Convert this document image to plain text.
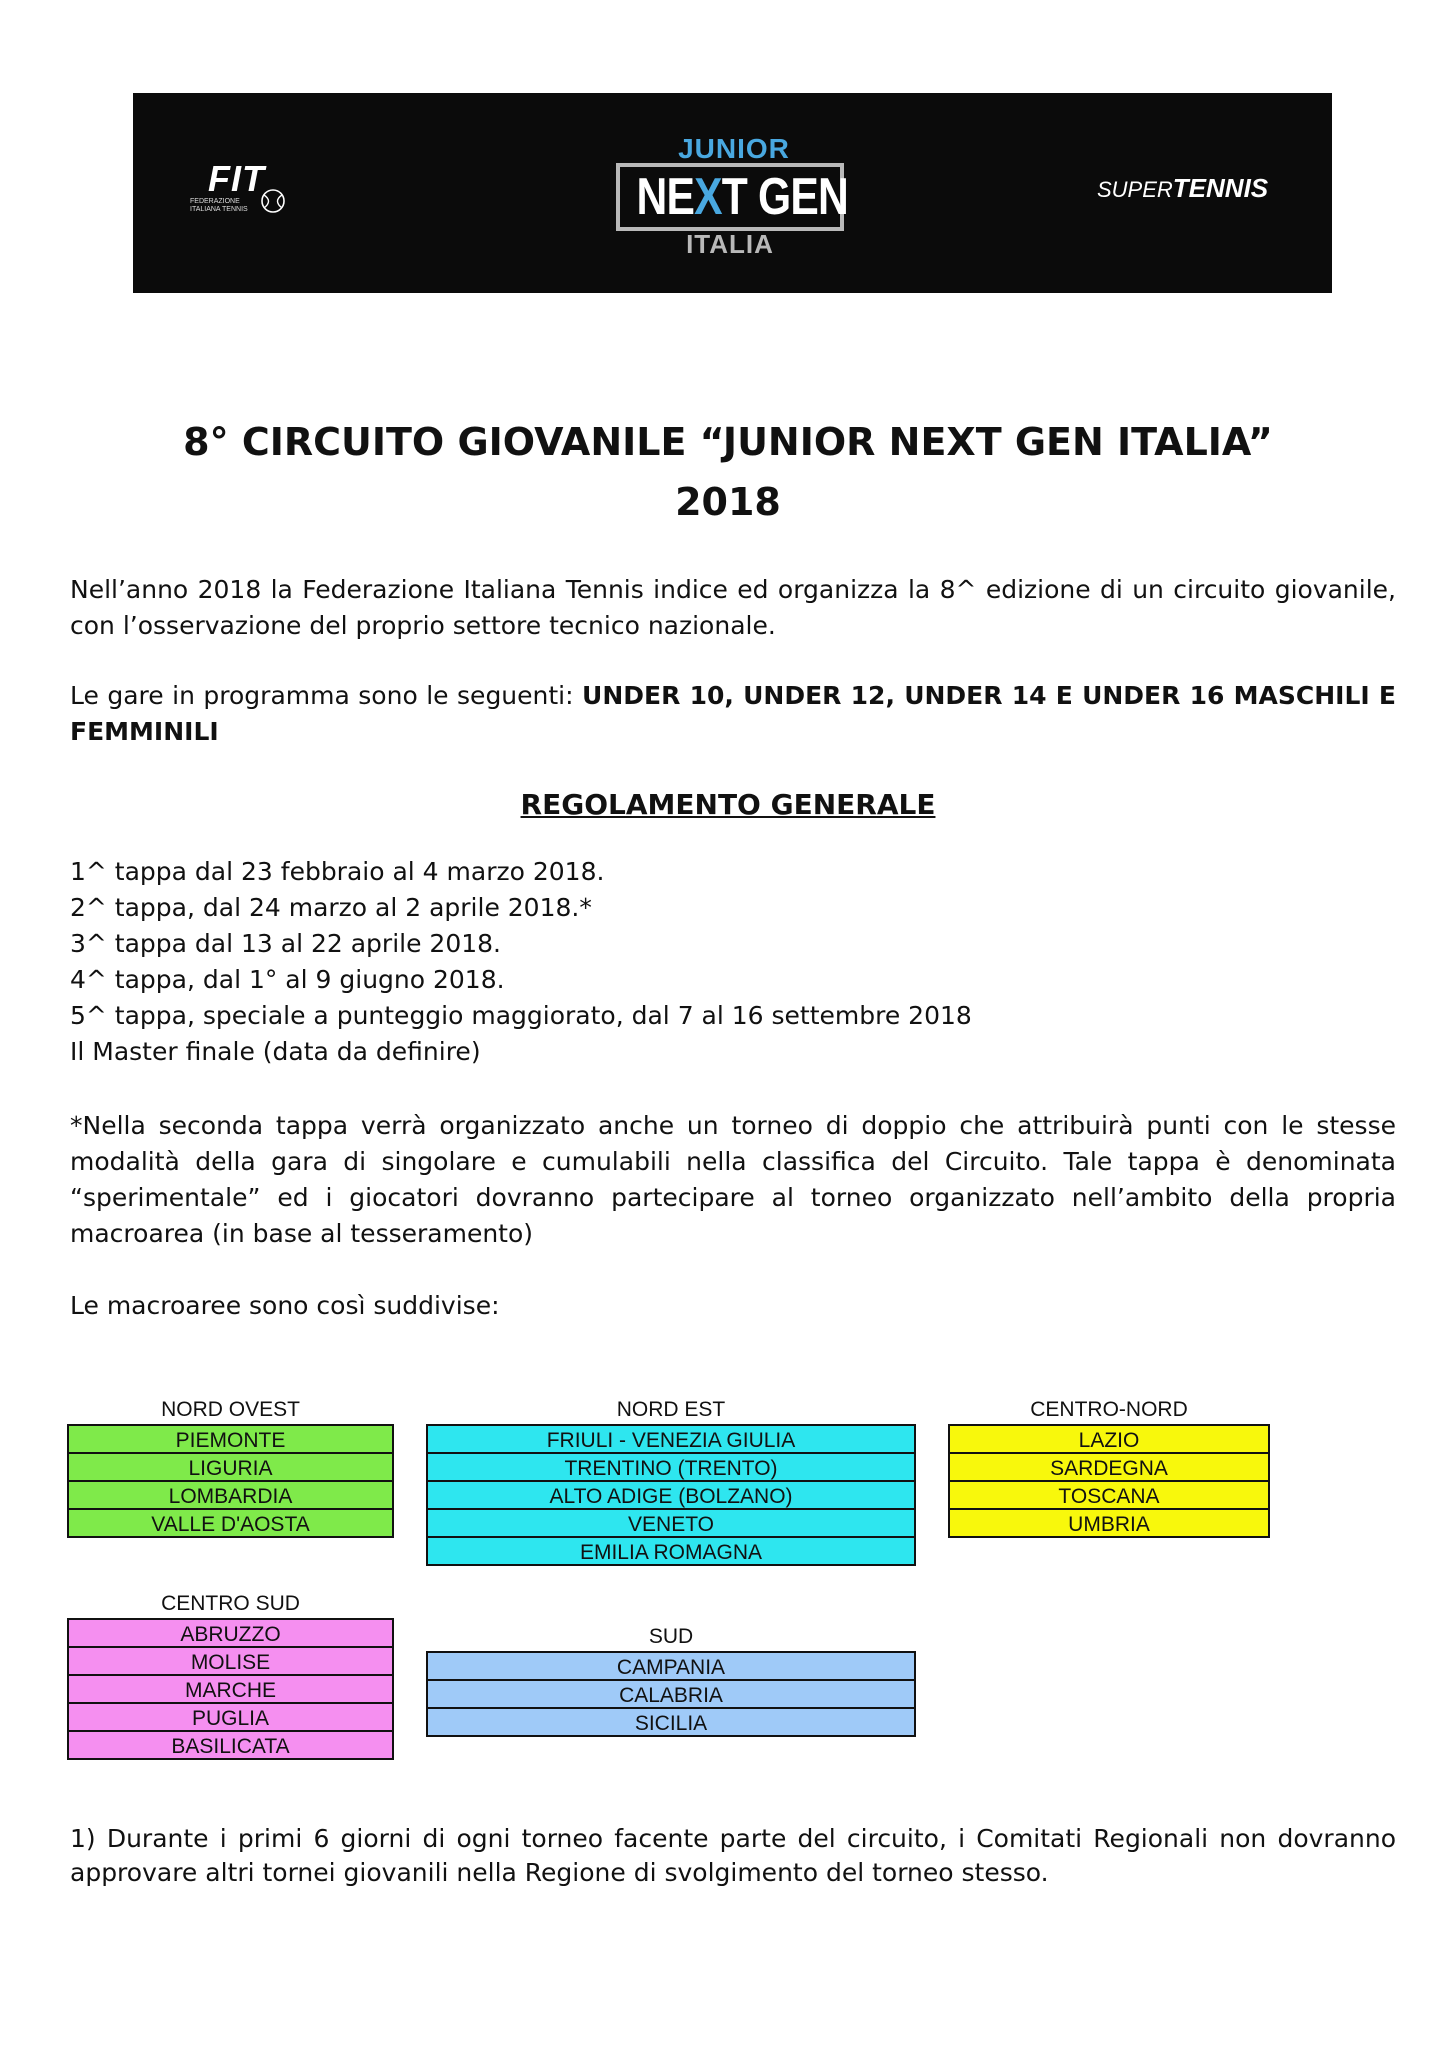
FIT
FEDERAZIONE ITALIANA TENNIS
JUNIOR
NEXT GEN
ITALIA
SUPERTENNIS
8° CIRCUITO GIOVANILE “JUNIOR NEXT GEN ITALIA”
2018
Nell’anno 2018 la Federazione Italiana Tennis indice ed organizza la 8^ edizione di un circuito giovanile, con l’osservazione del proprio settore tecnico nazionale.
Le gare in programma sono le seguenti: UNDER 10, UNDER 12, UNDER 14 E UNDER 16 MASCHILI E FEMMINILI
REGOLAMENTO GENERALE
1^ tappa dal 23 febbraio al 4 marzo 2018.
2^ tappa, dal 24 marzo al 2 aprile 2018.*
3^ tappa dal 13 al 22 aprile 2018.
4^ tappa, dal 1° al 9 giugno 2018.
5^ tappa, speciale a punteggio maggiorato, dal 7 al 16 settembre 2018
Il Master finale (data da definire)
*Nella seconda tappa verrà organizzato anche un torneo di doppio che attribuirà punti con le stesse modalità della gara di singolare e cumulabili nella classifica del Circuito. Tale tappa è denominata “sperimentale” ed i giocatori dovranno partecipare al torneo organizzato nell’ambito della propria macroarea (in base al tesseramento)
Le macroaree sono così suddivise:
NORD OVEST
PIEMONTE
LIGURIA
LOMBARDIA
VALLE D'AOSTA
NORD EST
FRIULI - VENEZIA GIULIA
TRENTINO (TRENTO)
ALTO ADIGE (BOLZANO)
VENETO
EMILIA ROMAGNA
CENTRO-NORD
LAZIO
SARDEGNA
TOSCANA
UMBRIA
CENTRO SUD
ABRUZZO
MOLISE
MARCHE
PUGLIA
BASILICATA
SUD
CAMPANIA
CALABRIA
SICILIA
1) Durante i primi 6 giorni di ogni torneo facente parte del circuito, i Comitati Regionali non dovranno approvare altri tornei giovanili nella Regione di svolgimento del torneo stesso.
